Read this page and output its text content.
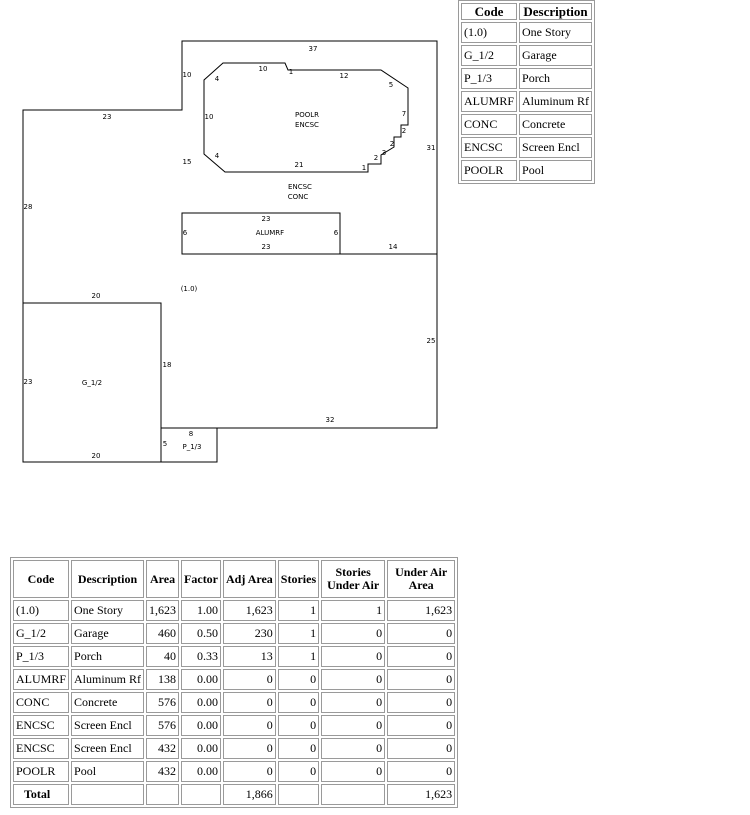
37
31
25
10
15
10	1	12
4
10
4
5
7
2
2
3
2
21	1
POOLR
ENCSC
ENCSC
CONC
23
ALUMRF
23
6	6
14
23
28
(1.0)
20
23
18
G_1/2
20
32
8
5 P_1/3
Code	Description
(1.0)	One Story
G_1/2	Garage
P_1/3	Porch
ALUMRF	Aluminum Rf
CONC	Concrete
ENCSC	Screen Encl
POOLR	Pool
Code	Description	Area	Factor	Adj Area	Stories	Stories Under Air	Under Air Area
(1.0)	One Story	1,623	1.00	1,623	1	1	1,623
G_1/2	Garage	460	0.50	230	1	0	0
P_1/3	Porch	40	0.33	13	1	0	0
ALUMRF	Aluminum Rf	138	0.00	0	0	0	0
CONC	Concrete	576	0.00	0	0	0	0
ENCSC	Screen Encl	576	0.00	0	0	0	0
ENCSC	Screen Encl	432	0.00	0	0	0	0
POOLR	Pool	432	0.00	0	0	0	0
Total				1,866			1,623
